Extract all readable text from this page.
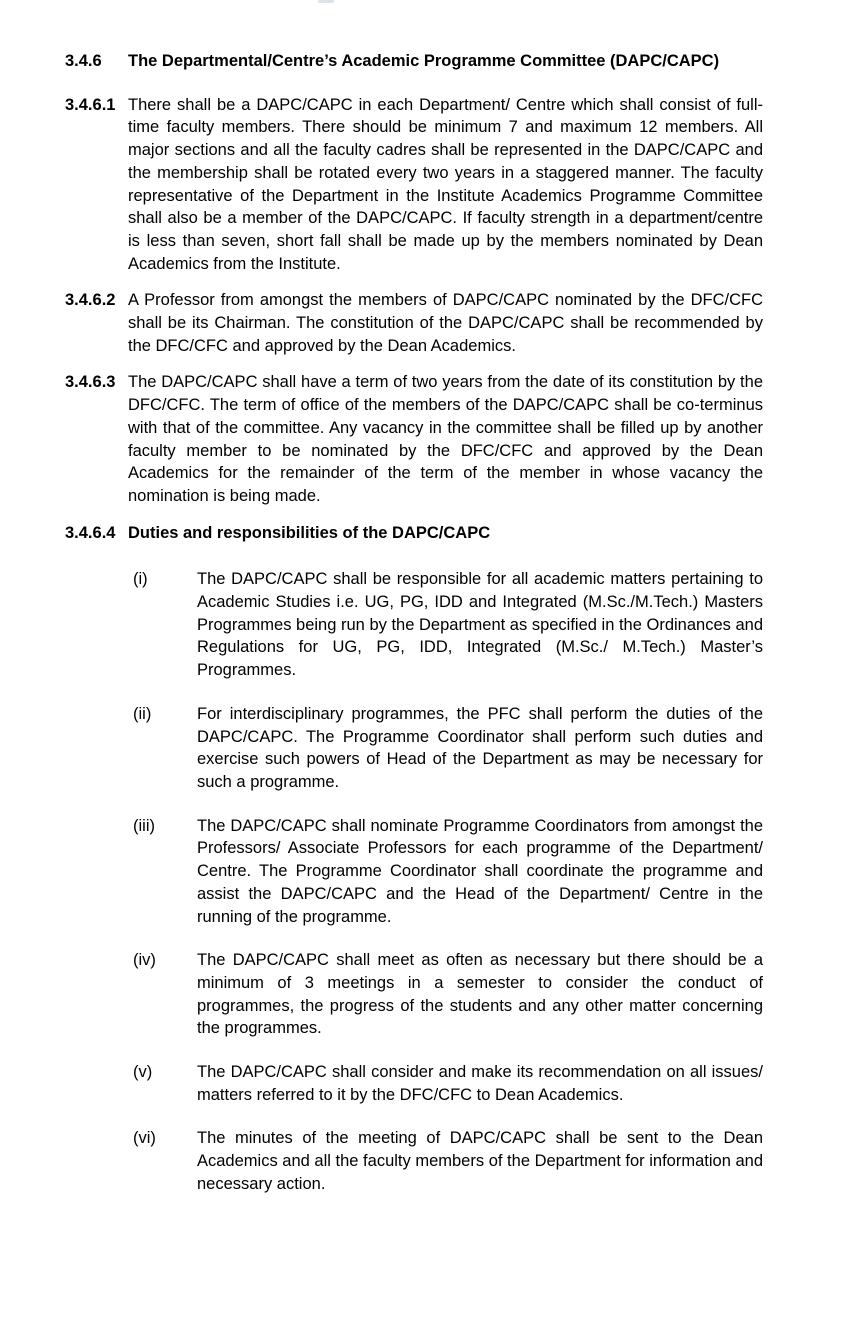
3.4.6	The Departmental/Centre’s Academic Programme Committee (DAPC/​CAPC)
3.4.6.1 There shall be a DAPC/CAPC in each Department/ Centre which shall consist of full-time faculty members. There should be minimum 7 and maximum 12 members. All major sections and all the faculty cadres shall be represented in the DAPC/CAPC and the membership shall be rotated every two years in a staggered manner. The faculty representative of the Department in the Institute Academics Programme Committee shall also be a member of the DAPC/CAPC. If faculty strength in a department/centre is less than seven, short fall shall be made up by the members nominated by Dean Academics from the Institute.
3.4.6.2 A Professor from amongst the members of DAPC/CAPC nominated by the DFC/CFC shall be its Chairman. The constitution of the DAPC/CAPC shall be recommended by the DFC/CFC and approved by the Dean Academics.
3.4.6.3 The DAPC/CAPC shall have a term of two years from the date of its constitution by the DFC/​CFC. The term of office of the members of the DAPC/CAPC shall be co-terminus with that of the committee. Any vacancy in the committee shall be filled up by another faculty member to be nominated by the DFC/​CFC and approved by the Dean Academics for the remainder of the term of the member in whose vacancy the nomination is being made.
3.4.6.4 Duties and responsibilities of the DAPC/CAPC
(i)	The DAPC/CAPC shall be responsible for all academic matters pertaining to Academic Studies i.e. UG, PG, IDD and Integrated (M.Sc./M.Tech.) Masters Programmes being run by the Department as specified in the Ordinances and Regulations for UG, PG, IDD, Integrated (M.Sc./ M.Tech.) Master’s Programmes.
(ii)	For interdisciplinary programmes, the PFC shall perform the duties of the DAPC/CAPC. The Programme Coordinator shall perform such duties and exercise such powers of Head of the Department as may be necessary for such a programme.
(iii)	The DAPC/CAPC shall nominate Programme Coordinators from amongst the Professors/ Associate Professors for each programme of the Department/ Centre. The Programme Coordinator shall coordinate the programme and assist the DAPC/CAPC and the Head of the Department/ Centre in the running of the programme.
(iv)	The DAPC/CAPC shall meet as often as necessary but there should be a minimum of 3 meetings in a semester to consider the conduct of programmes, the progress of the students and any other matter concerning the programmes.
(v)	The DAPC/CAPC shall consider and make its recommendation on all issues/ matters referred to it by the DFC/CFC to Dean Academics.
(vi)	The minutes of the meeting of DAPC/CAPC shall be sent to the Dean Academics and all the faculty members of the Department for information and necessary action.
